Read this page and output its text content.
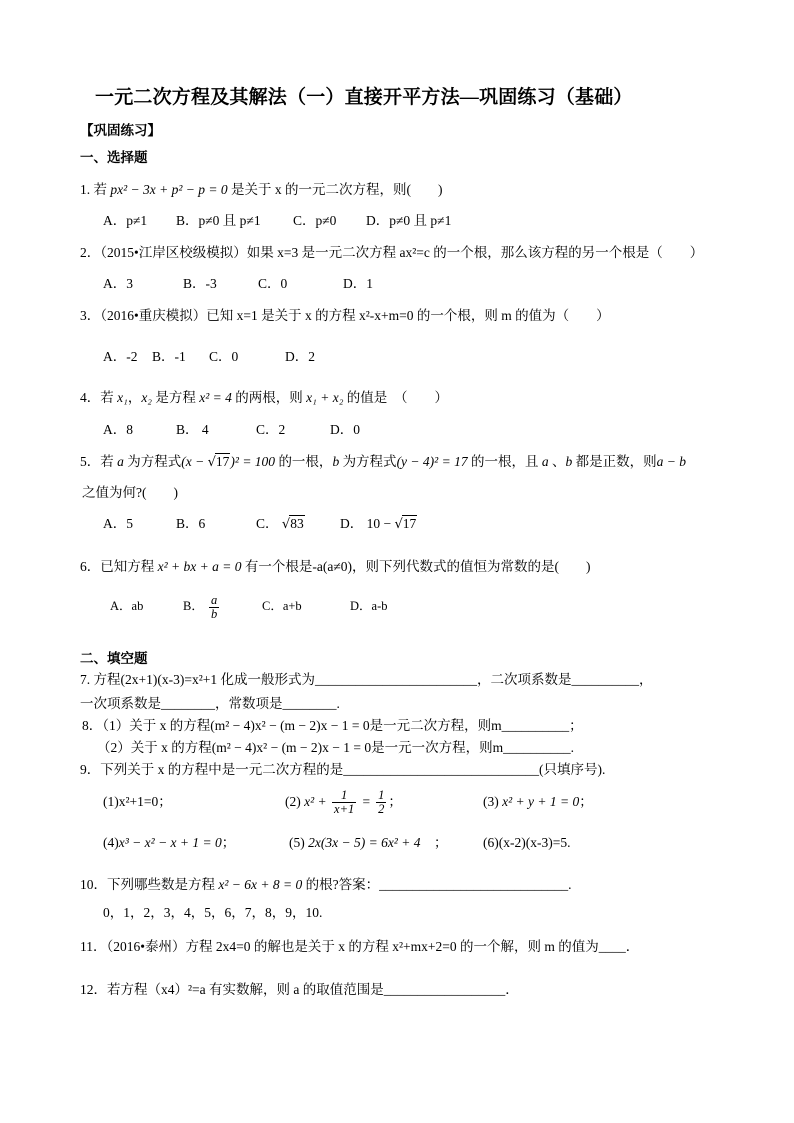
一元二次方程及其解法（一）直接开平方法—巩固练习（基础）
【巩固练习】
一、选择题
1. 若 px² − 3x + p² − p = 0 是关于 x 的一元二次方程，则(　　)
A．p≠1 B．p≠0 且 p≠1 C．p≠0 D．p≠0 且 p≠1
2．（2015•江岸区校级模拟）如果 x=3 是一元二次方程 ax²=c 的一个根，那么该方程的另一个根是（　　）
A．3	B．-3	C．0	D．1
3．（2016•重庆模拟）已知 x=1 是关于 x 的方程 x²-x+m=0 的一个根，则 m 的值为（　　）
A．-2 B．-1 C．0	D．2
4．若 x₁，x₂ 是方程 x² = 4 的两根，则 x₁ + x₂ 的值是　（　　）
A．8	B． 4	C．2	D．0
5．若 a 为方程式(x − √17)² = 100 的一根，b 为方程式(y − 4)² = 17 的一根，且 a 、b 都是正数，则a − b
之值为何?(　　)
A．5	B．6	C． √83	D． 10 − √17
6．已知方程 x² + bx + a = 0 有一个根是-a(a≠0)，则下列代数式的值恒为常数的是(　　)
A．ab	B． $\frac{a}{b}$	C．a+b	D．a-b
二、填空题
7. 方程(2x+1)(x-3)=x²+1 化成一般形式为________________________，二次项系数是__________，
一次项系数是________，常数项是________.
8．（1）关于 x 的方程(m² − 4)x² − (m − 2)x − 1 = 0是一元二次方程，则m__________；
（2）关于 x 的方程(m² − 4)x² − (m − 2)x − 1 = 0是一元一次方程，则m__________.
9．下列关于 x 的方程中是一元二次方程的是_____________________________(只填序号).
(1)x²+1=0；	(2) $x^2 + \frac{1}{x+1} = \frac{1}{2}$ ；	(3) x² + y + 1 = 0；
(4)x³ − x² − x + 1 = 0；	(5) 2x(3x − 5) = 6x² + 4　；	(6)(x-2)(x-3)=5.
10．下列哪些数是方程 x² − 6x + 8 = 0 的根?答案：____________________________.
0，1，2，3，4，5，6，7，8，9，10.
11．（2016•泰州）方程 2x4=0 的解也是关于 x 的方程 x²+mx+2=0 的一个解，则 m 的值为____．
12．若方程（x4）²=a 有实数解，则 a 的取值范围是__________________．
